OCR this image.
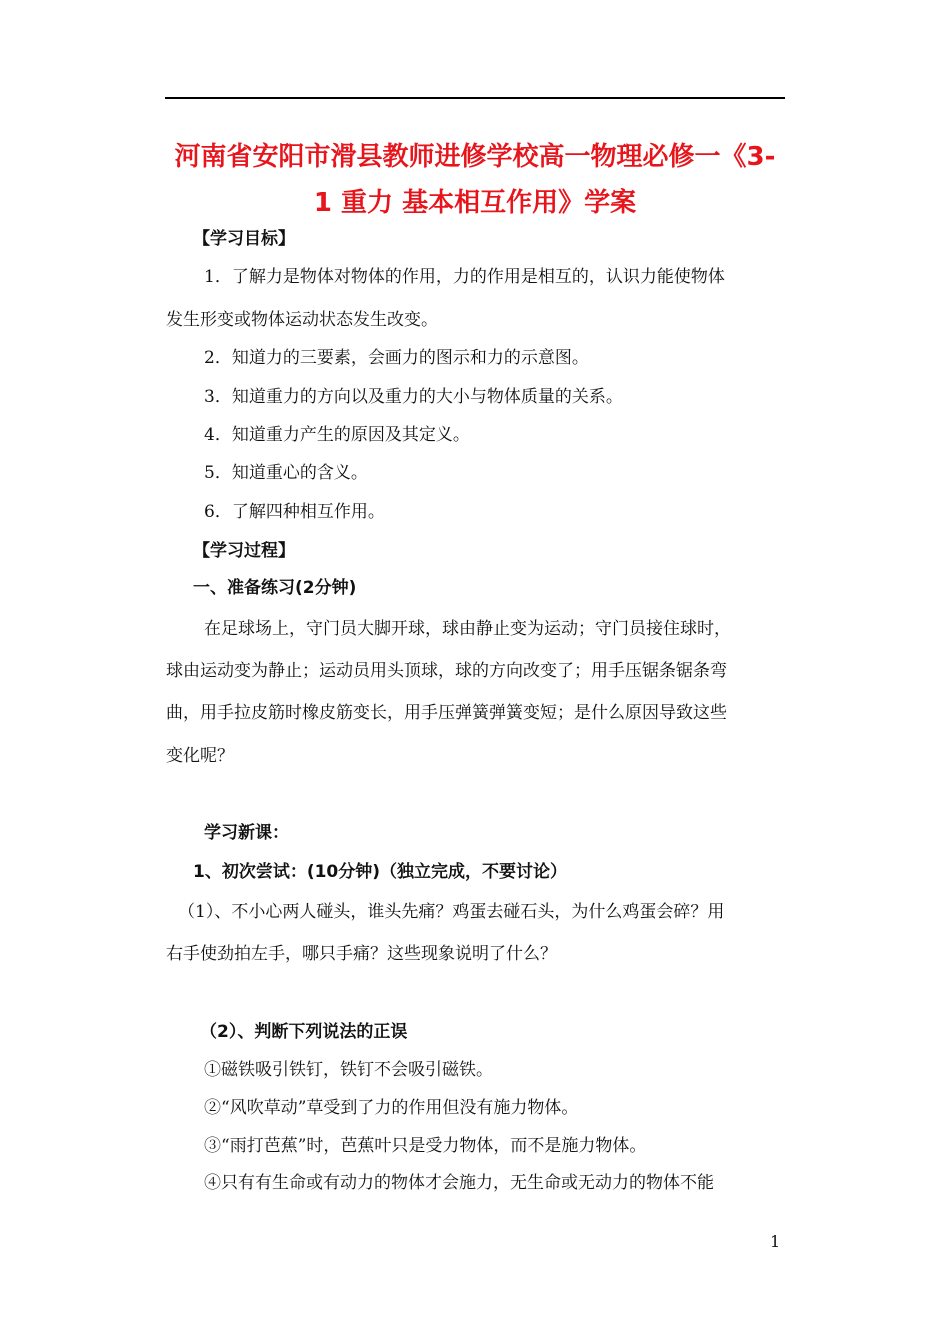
河南省安阳市滑县教师进修学校高一物理必修一《3-
1 重力 基本相互作用》学案
【学习目标】
1．了解力是物体对物体的作用，力的作用是相互的，认识力能使物体
发生形变或物体运动状态发生改变。
2．知道力的三要素，会画力的图示和力的示意图。
3．知道重力的方向以及重力的大小与物体质量的关系。
4．知道重力产生的原因及其定义。
5．知道重心的含义。
6．了解四种相互作用。
【学习过程】
一、准备练习(2分钟)
在足球场上，守门员大脚开球，球由静止变为运动；守门员接住球时，
球由运动变为静止；运动员用头顶球，球的方向改变了；用手压锯条锯条弯
曲，用手拉皮筋时橡皮筋变长，用手压弹簧弹簧变短；是什么原因导致这些
变化呢？
学习新课：
1、初次尝试：(10分钟)（独立完成，不要讨论）
（1）、不小心两人碰头，谁头先痛？鸡蛋去碰石头，为什么鸡蛋会碎？用
右手使劲拍左手，哪只手痛？这些现象说明了什么？
（2）、判断下列说法的正误
①磁铁吸引铁钉，铁钉不会吸引磁铁。
②“风吹草动”草受到了力的作用但没有施力物体。
③“雨打芭蕉”时，芭蕉叶只是受力物体，而不是施力物体。
④只有有生命或有动力的物体才会施力，无生命或无动力的物体不能
1
